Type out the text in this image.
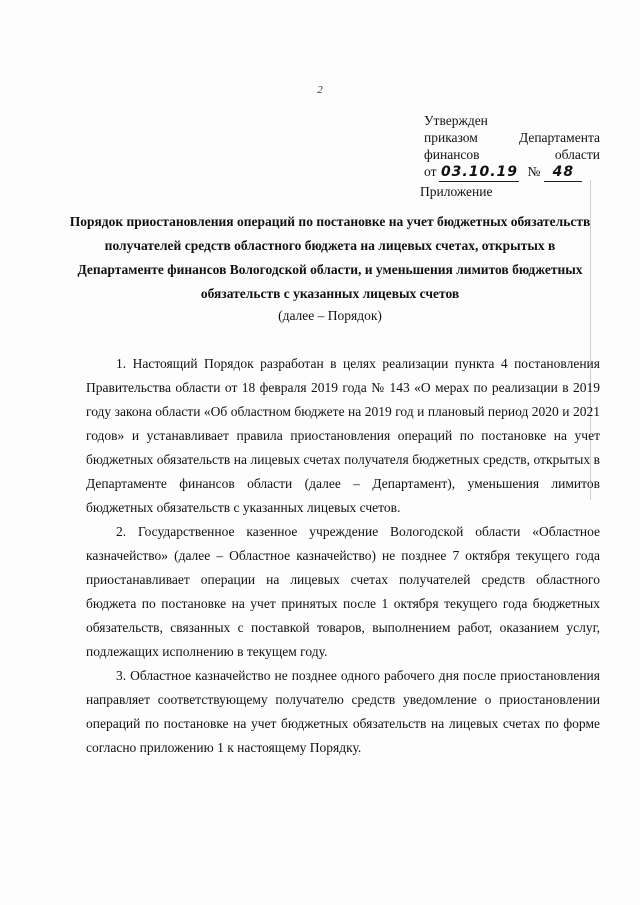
2
Утвержден
приказом	Департамента
финансов	области
от 03.10.19 № 48
Приложение
Порядок приостановления операций по постановке на учет бюджетных обязательств получателей средств областного бюджета на лицевых счетах, открытых в Департаменте финансов Вологодской области, и уменьшения лимитов бюджетных обязательств с указанных лицевых счетов
(далее – Порядок)

1. Настоящий Порядок разработан в целях реализации пункта 4 постановления Правительства области от 18 февраля 2019 года № 143 «О мерах по реализации в 2019 году закона области «Об областном бюджете на 2019 год и плановый период 2020 и 2021 годов» и устанавливает правила приостановления операций по постановке на учет бюджетных обязательств на лицевых счетах получателя бюджетных средств, открытых в Департаменте финансов области (далее – Департамент), уменьшения лимитов бюджетных обязательств с указанных лицевых счетов.

2. Государственное казенное учреждение Вологодской области «Областное казначейство» (далее – Областное казначейство) не позднее 7 октября текущего года приостанавливает операции на лицевых счетах получателей средств областного бюджета по постановке на учет принятых после 1 октября текущего года бюджетных обязательств, связанных с поставкой товаров, выполнением работ, оказанием услуг, подлежащих исполнению в текущем году.

3. Областное казначейство не позднее одного рабочего дня после приостановления направляет соответствующему получателю средств уведомление о приостановлении операций по постановке на учет бюджетных обязательств на лицевых счетах по форме согласно приложению 1 к настоящему Порядку.
